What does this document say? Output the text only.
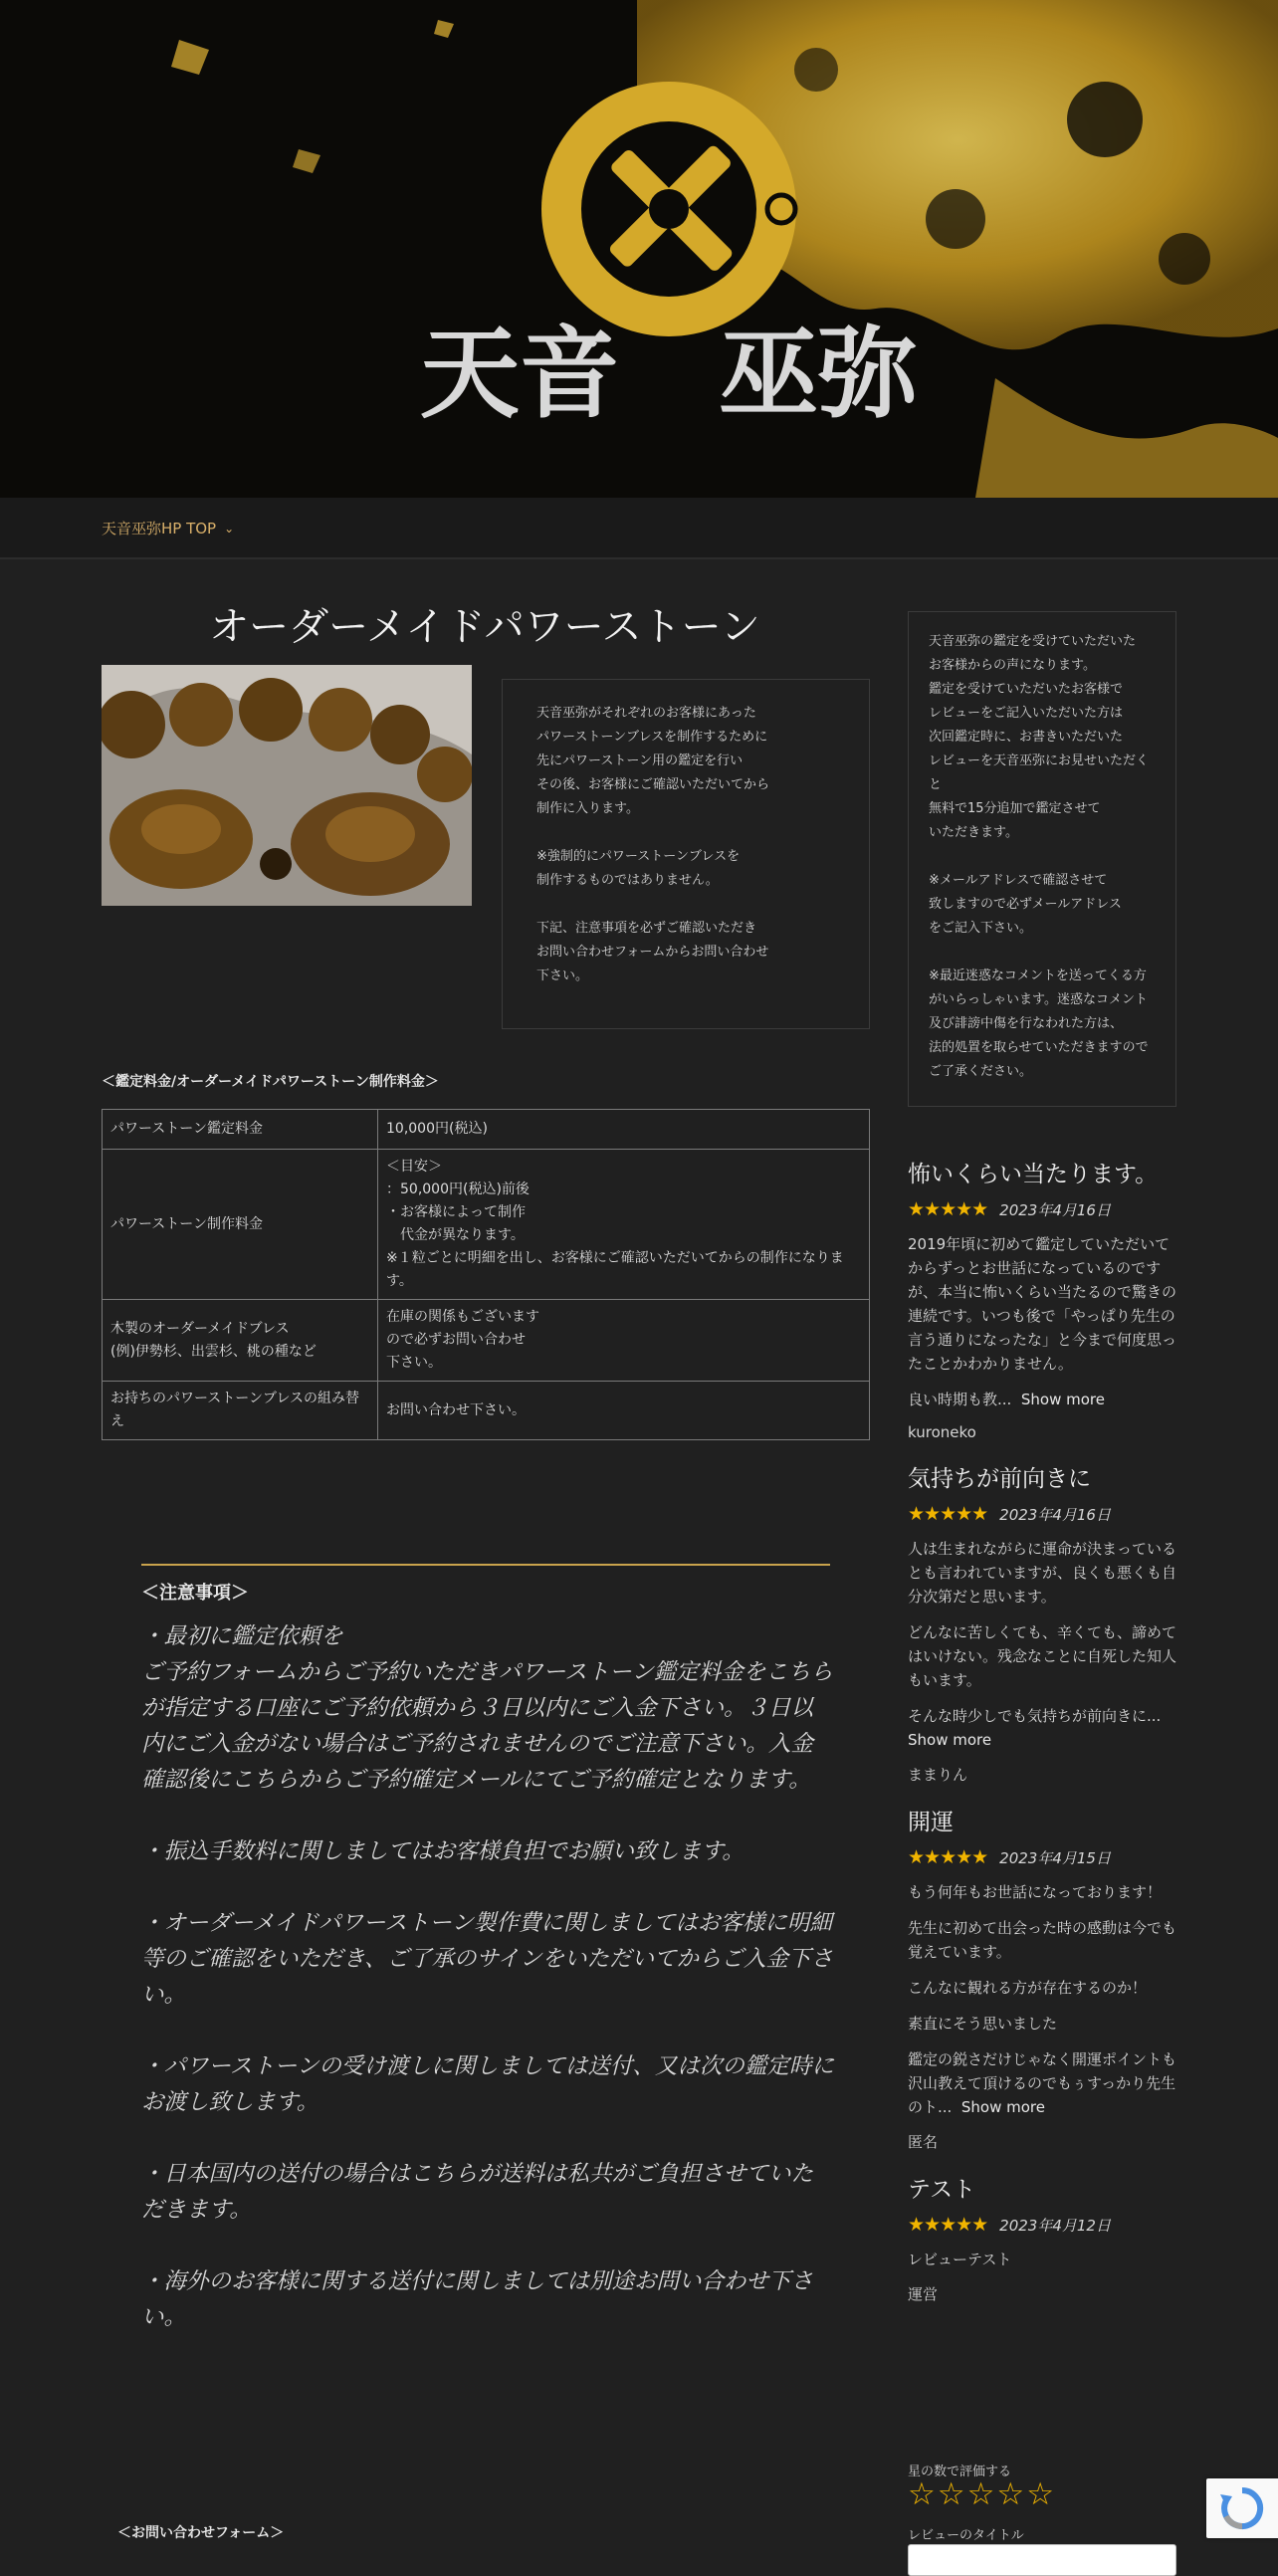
天音　巫弥
天音巫弥HP TOP ⌄
オーダーメイドパワーストーン

天音巫弥がそれぞれのお客様にあった
パワーストーンブレスを制作するために
先にパワーストーン用の鑑定を行い
その後、お客様にご確認いただいてから
制作に入ります。

※強制的にパワーストーンブレスを
制作するものではありません。

下記、注意事項を必ずご確認いただき
お問い合わせフォームからお問い合わせ
下さい。

＜鑑定料金/オーダーメイドパワーストーン制作料金＞
パワーストーン鑑定料金	10,000円(税込)
パワーストーン制作料金	＜目安＞
：50,000円(税込)前後
・お客様によって制作
　代金が異なります。
※１粒ごとに明細を出し、お客様にご確認いただいてからの制作になります。
木製のオーダーメイドブレス
(例)伊勢杉、出雲杉、桃の種など	在庫の関係もございます
ので必ずお問い合わせ
下さい。
お持ちのパワーストーンブレスの組み替え	お問い合わせ下さい。
＜注意事項＞

・最初に鑑定依頼を
ご予約フォームからご予約いただきパワーストーン鑑定料金をこちらが指定する口座にご予約依頼から３日以内にご入金下さい。３日以内にご入金がない場合はご予約されませんのでご注意下さい。入金確認後にこちらからご予約確定メールにてご予約確定となります。

・振込手数料に関しましてはお客様負担でお願い致します。

・オーダーメイドパワーストーン製作費に関しましてはお客様に明細等のご確認をいただき、ご了承のサインをいただいてからご入金下さい。

・パワーストーンの受け渡しに関しましては送付、又は次の鑑定時にお渡し致します。

・日本国内の送付の場合はこちらが送料は私共がご負担させていただきます。

・海外のお客様に関する送付に関しましては別途お問い合わせ下さい。

＜お問い合わせフォーム＞

天音巫弥の鑑定を受けていただいた
お客様からの声になります。
鑑定を受けていただいたお客様で
レビューをご記入いただいた方は
次回鑑定時に、お書きいただいた
レビューを天音巫弥にお見せいただく
と
無料で15分追加で鑑定させて
いただきます。

※メールアドレスで確認させて
致しますので必ずメールアドレス
をご記入下さい。

※最近迷惑なコメントを送ってくる方
がいらっしゃいます。迷惑なコメント
及び誹謗中傷を行なわれた方は、
法的処置を取らせていただきますので
ご了承ください。

怖いくらい当たります。
★★★★★ 2023年4月16日

2019年頃に初めて鑑定していただいてからずっとお世話になっているのですが、本当に怖いくらい当たるので驚きの連続です。いつも後で「やっぱり先生の言う通りになったな」と今まで何度思ったことかわかりません。

良い時期も教... Show more

kuroneko
気持ちが前向きに
★★★★★ 2023年4月16日

人は生まれながらに運命が決まっているとも言われていますが、良くも悪くも自分次第だと思います。

どんなに苦しくても、辛くても、諦めてはいけない。残念なことに自死した知人もいます。

そんな時少しでも気持ちが前向きに...  Show more

ままりん
開運
★★★★★ 2023年4月15日

もう何年もお世話になっております！

先生に初めて出会った時の感動は今でも覚えています。

こんなに観れる方が存在するのか！

素直にそう思いました

鑑定の鋭さだけじゃなく開運ポイントも沢山教えて頂けるのでもぅすっかり先生のト... Show more

匿名
テスト
★★★★★ 2023年4月12日

レビューテスト

運営
星の数で評価する
☆ ☆ ☆ ☆ ☆
レビューのタイトル
